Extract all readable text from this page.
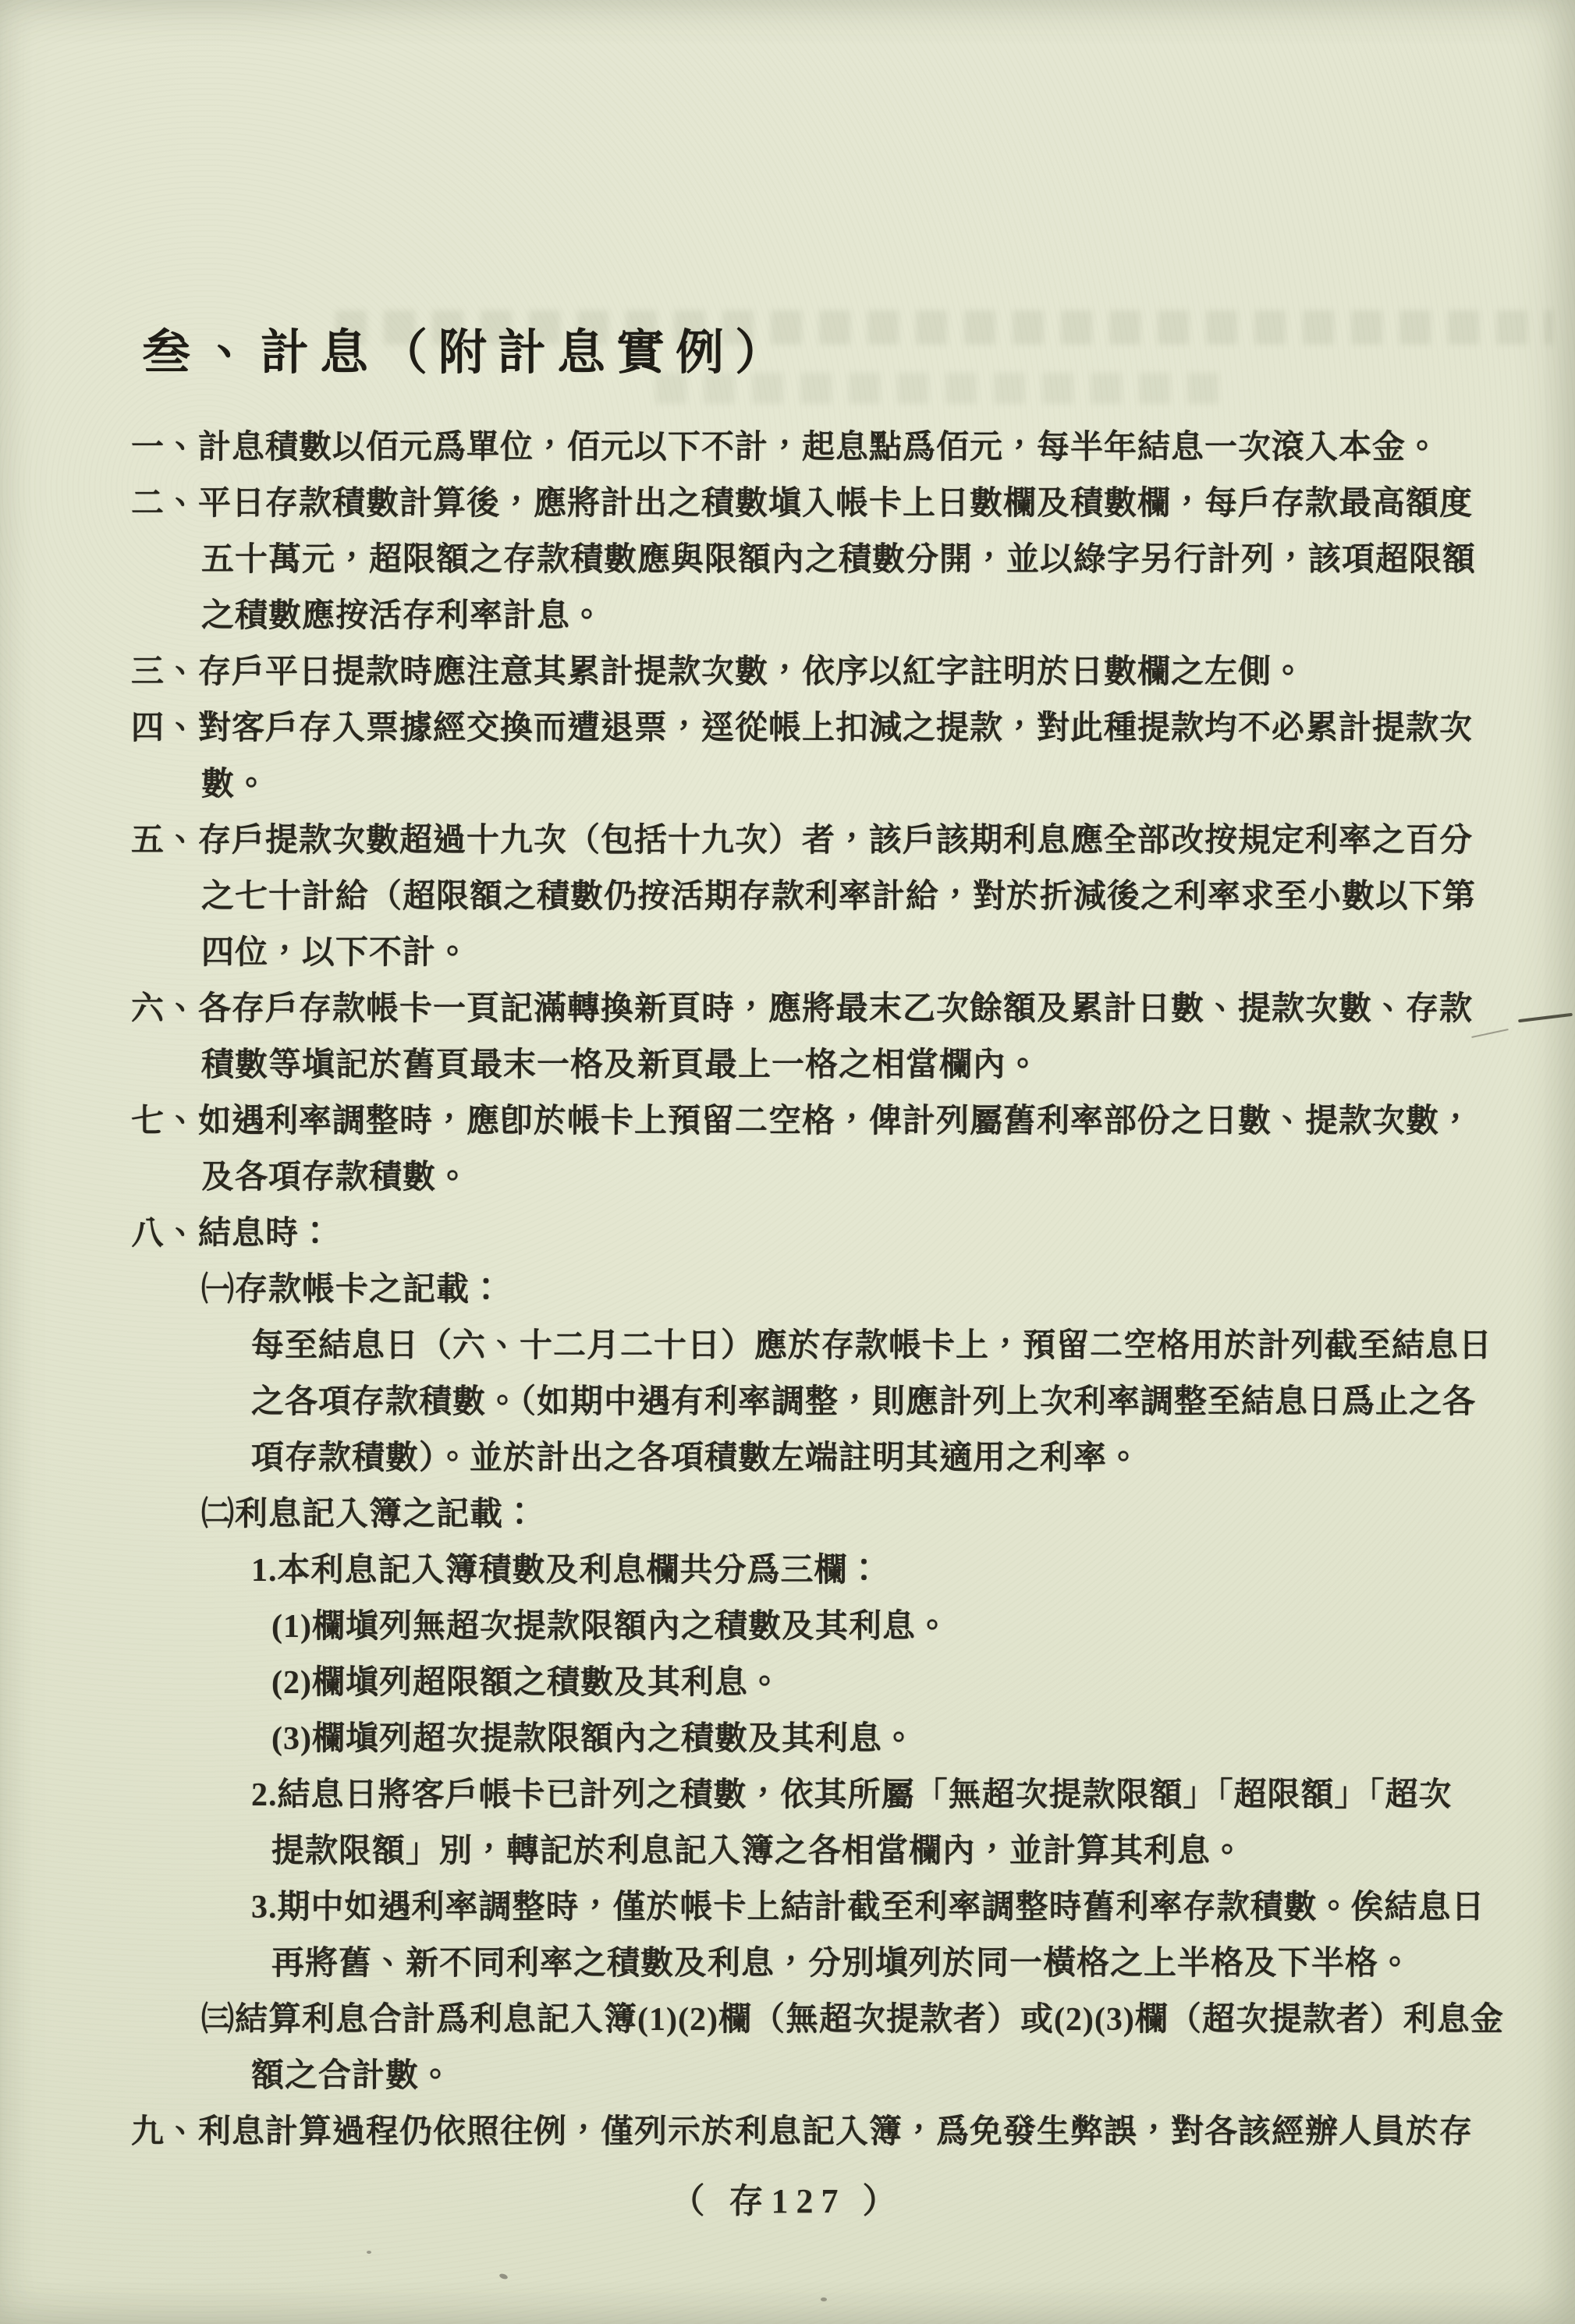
叁、計息（附計息實例）

一、計息積數以佰元爲單位，佰元以下不計，起息點爲佰元，每半年結息一次滾入本金。

二、平日存款積數計算後，應將計出之積數塡入帳卡上日數欄及積數欄，每戶存款最高額度

五十萬元，超限額之存款積數應與限額內之積數分開，並以綠字另行計列，該項超限額

之積數應按活存利率計息。

三、存戶平日提款時應注意其累計提款次數，依序以紅字註明於日數欄之左側。

四、對客戶存入票據經交換而遭退票，逕從帳上扣減之提款，對此種提款均不必累計提款次

數。

五、存戶提款次數超過十九次（包括十九次）者，該戶該期利息應全部改按規定利率之百分

之七十計給（超限額之積數仍按活期存款利率計給，對於折減後之利率求至小數以下第

四位，以下不計。

六、各存戶存款帳卡一頁記滿轉換新頁時，應將最末乙次餘額及累計日數、提款次數、存款

積數等塡記於舊頁最末一格及新頁最上一格之相當欄內。

七、如遇利率調整時，應卽於帳卡上預留二空格，俾計列屬舊利率部份之日數、提款次數，

及各項存款積數。

八、結息時：

㈠存款帳卡之記載：

每至結息日（六、十二月二十日）應於存款帳卡上，預留二空格用於計列截至結息日

之各項存款積數。（如期中遇有利率調整，則應計列上次利率調整至結息日爲止之各

項存款積數）。並於計出之各項積數左端註明其適用之利率。

㈡利息記入簿之記載：

1.本利息記入簿積數及利息欄共分爲三欄：

(1)欄塡列無超次提款限額內之積數及其利息。

(2)欄塡列超限額之積數及其利息。

(3)欄塡列超次提款限額內之積數及其利息。

2.結息日將客戶帳卡已計列之積數，依其所屬「無超次提款限額」「超限額」「超次

提款限額」別，轉記於利息記入簿之各相當欄內，並計算其利息。

3.期中如遇利率調整時，僅於帳卡上結計截至利率調整時舊利率存款積數。俟結息日

再將舊、新不同利率之積數及利息，分別塡列於同一橫格之上半格及下半格。

㈢結算利息合計爲利息記入簿(1)(2)欄（無超次提款者）或(2)(3)欄（超次提款者）利息金

額之合計數。

九、利息計算過程仍依照往例，僅列示於利息記入簿，爲免發生弊誤，對各該經辦人員於存

（ 存127 ）
